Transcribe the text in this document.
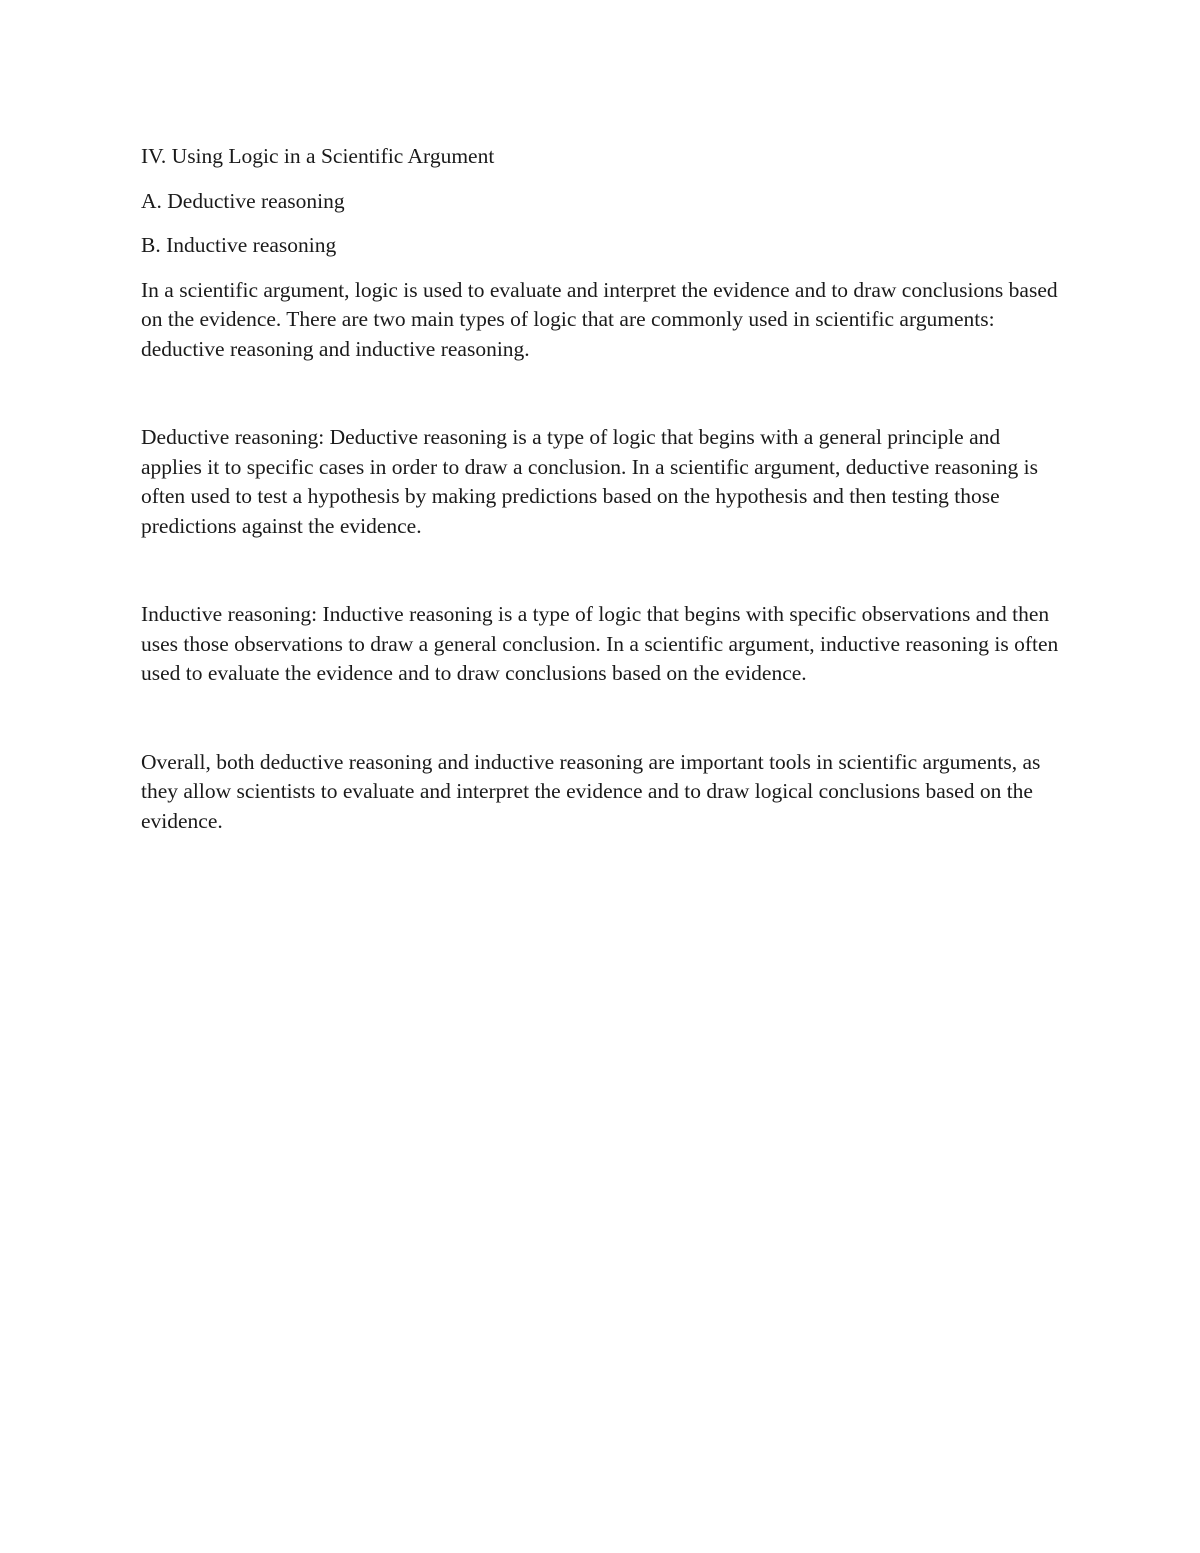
IV. Using Logic in a Scientific Argument

A. Deductive reasoning

B. Inductive reasoning

In a scientific argument, logic is used to evaluate and interpret the evidence and to draw conclusions based on the evidence. There are two main types of logic that are commonly used in scientific arguments: deductive reasoning and inductive reasoning.

Deductive reasoning: Deductive reasoning is a type of logic that begins with a general principle and applies it to specific cases in order to draw a conclusion. In a scientific argument, deductive reasoning is often used to test a hypothesis by making predictions based on the hypothesis and then testing those predictions against the evidence.

Inductive reasoning: Inductive reasoning is a type of logic that begins with specific observations and then uses those observations to draw a general conclusion. In a scientific argument, inductive reasoning is often used to evaluate the evidence and to draw conclusions based on the evidence.

Overall, both deductive reasoning and inductive reasoning are important tools in scientific arguments, as they allow scientists to evaluate and interpret the evidence and to draw logical conclusions based on the evidence.
